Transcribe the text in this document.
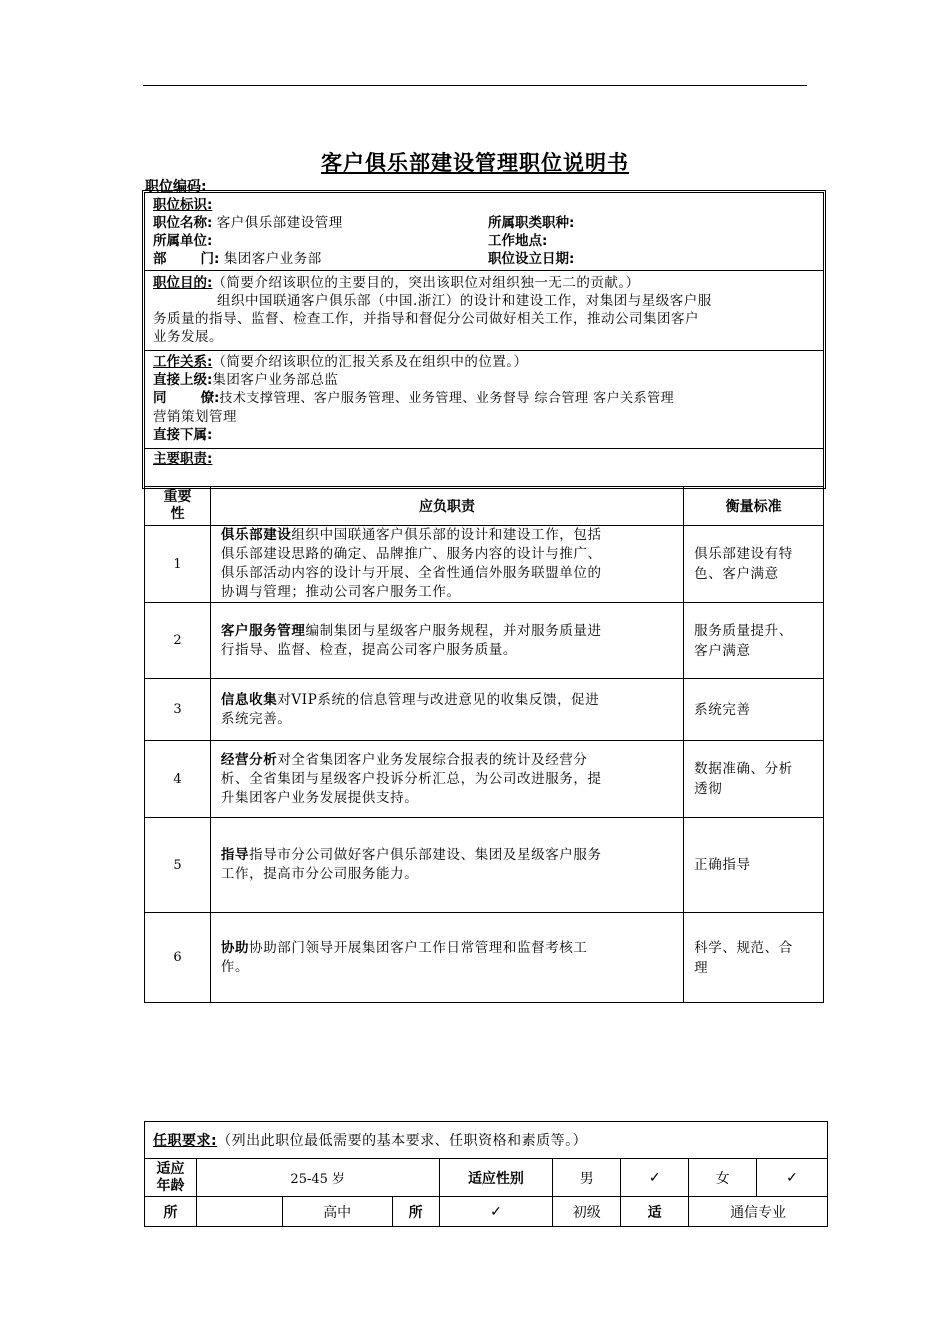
客户俱乐部建设管理职位说明书
职位编码:
职位标识:
职位名称: 客户俱乐部建设管理	所属职类职种:
所属单位:	工作地点:
部	门: 集团客户业务部	职位设立日期:
职位目的:（简要介绍该职位的主要目的，突出该职位对组织独一无二的贡献。）
组织中国联通客户俱乐部（中国.浙江）的设计和建设工作，对集团与星级客户服
务质量的指导、监督、检查工作，并指导和督促分公司做好相关工作，推动公司集团客户
业务发展。
工作关系:（简要介绍该职位的汇报关系及在组织中的位置。）
直接上级:集团客户业务部总监
同	僚:技术支撑管理、客户服务管理、业务管理、业务督导 综合管理 客户关系管理
营销策划管理
直接下属:
主要职责:
重要
性	应负职责	衡量标准
1	俱乐部建设组织中国联通客户俱乐部的设计和建设工作，包括
俱乐部建设思路的确定、品牌推广、服务内容的设计与推广、
俱乐部活动内容的设计与开展、全省性通信外服务联盟单位的
协调与管理；推动公司客户服务工作。	俱乐部建设有特
色、客户满意
2	客户服务管理编制集团与星级客户服务规程，并对服务质量进
行指导、监督、检查，提高公司客户服务质量。	服务质量提升、
客户满意
3	信息收集对VIP系统的信息管理与改进意见的收集反馈，促进
系统完善。	系统完善
4	经营分析对全省集团客户业务发展综合报表的统计及经营分
析、全省集团与星级客户投诉分析汇总，为公司改进服务，提
升集团客户业务发展提供支持。	数据准确、分析
透彻
5	指导指导市分公司做好客户俱乐部建设、集团及星级客户服务
工作，提高市分公司服务能力。	正确指导
6	协助协助部门领导开展集团客户工作日常管理和监督考核工
作。	科学、规范、合
理
任职要求:（列出此职位最低需要的基本要求、任职资格和素质等。）								
适应
年龄	25-45 岁			适应性别	男	✓	女	✓
所		高中	所	✓	初级	适	通信专业	
